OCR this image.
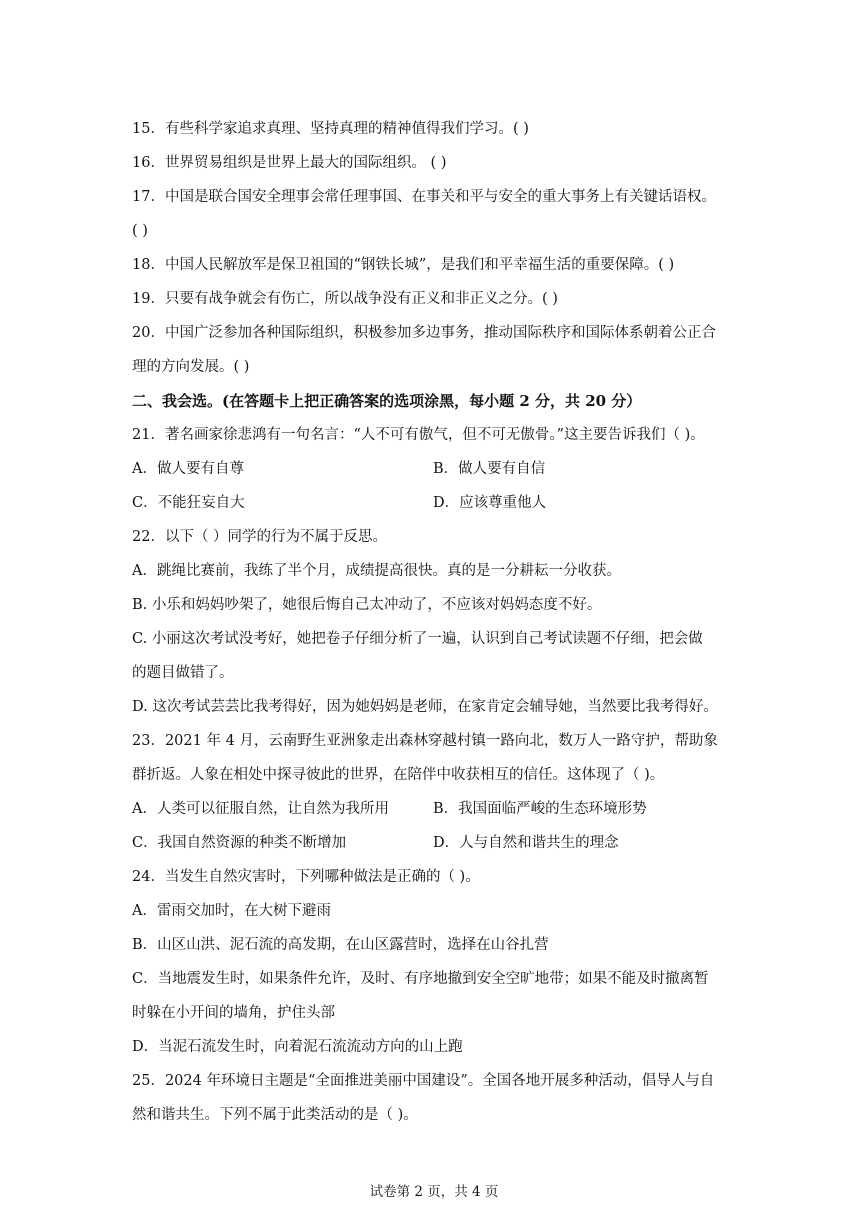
15．有些科学家追求真理、坚持真理的精神值得我们学习。( )
16．世界贸易组织是世界上最大的国际组织。 ( )
17．中国是联合国安全理事会常任理事国、在事关和平与安全的重大事务上有关键话语权。
( )
18．中国人民解放军是保卫祖国的“钢铁长城”，是我们和平幸福生活的重要保障。( )
19．只要有战争就会有伤亡，所以战争没有正义和非正义之分。( )
20．中国广泛参加各种国际组织，积极参加多边事务，推动国际秩序和国际体系朝着公正合
理的方向发展。( )
二、我会选。(在答题卡上把正确答案的选项涂黑，每小题 2 分，共 20 分）
21．著名画家徐悲鸿有一句名言：“人不可有傲气，但不可无傲骨。”这主要告诉我们（ )。
A．做人要有自尊	B．做人要有自信
C．不能狂妄自大	D．应该尊重他人
22．以下（ ）同学的行为不属于反思。
A．跳绳比赛前，我练了半个月，成绩提高很快。真的是一分耕耘一分收获。
B. 小乐和妈妈吵架了，她很后悔自己太冲动了，不应该对妈妈态度不好。
C. 小丽这次考试没考好，她把卷子仔细分析了一遍，认识到自己考试读题不仔细，把会做
的题目做错了。
D. 这次考试芸芸比我考得好，因为她妈妈是老师，在家肯定会辅导她，当然要比我考得好。
23．2021 年 4 月，云南野生亚洲象走出森林穿越村镇一路向北，数万人一路守护，帮助象
群折返。人象在相处中探寻彼此的世界，在陪伴中收获相互的信任。这体现了（ )。
A．人类可以征服自然，让自然为我所用	B．我国面临严峻的生态环境形势
C．我国自然资源的种类不断增加	D．人与自然和谐共生的理念
24．当发生自然灾害时，下列哪种做法是正确的（ )。
A．雷雨交加时，在大树下避雨
B．山区山洪、泥石流的高发期，在山区露营时，选择在山谷扎营
C．当地震发生时，如果条件允许，及时、有序地撤到安全空旷地带；如果不能及时撤离暂
时躲在小开间的墙角，护住头部
D．当泥石流发生时，向着泥石流流动方向的山上跑
25．2024 年环境日主题是“全面推进美丽中国建设”。全国各地开展多种活动，倡导人与自
然和谐共生。下列不属于此类活动的是（ )。
试卷第 2 页，共 4 页
